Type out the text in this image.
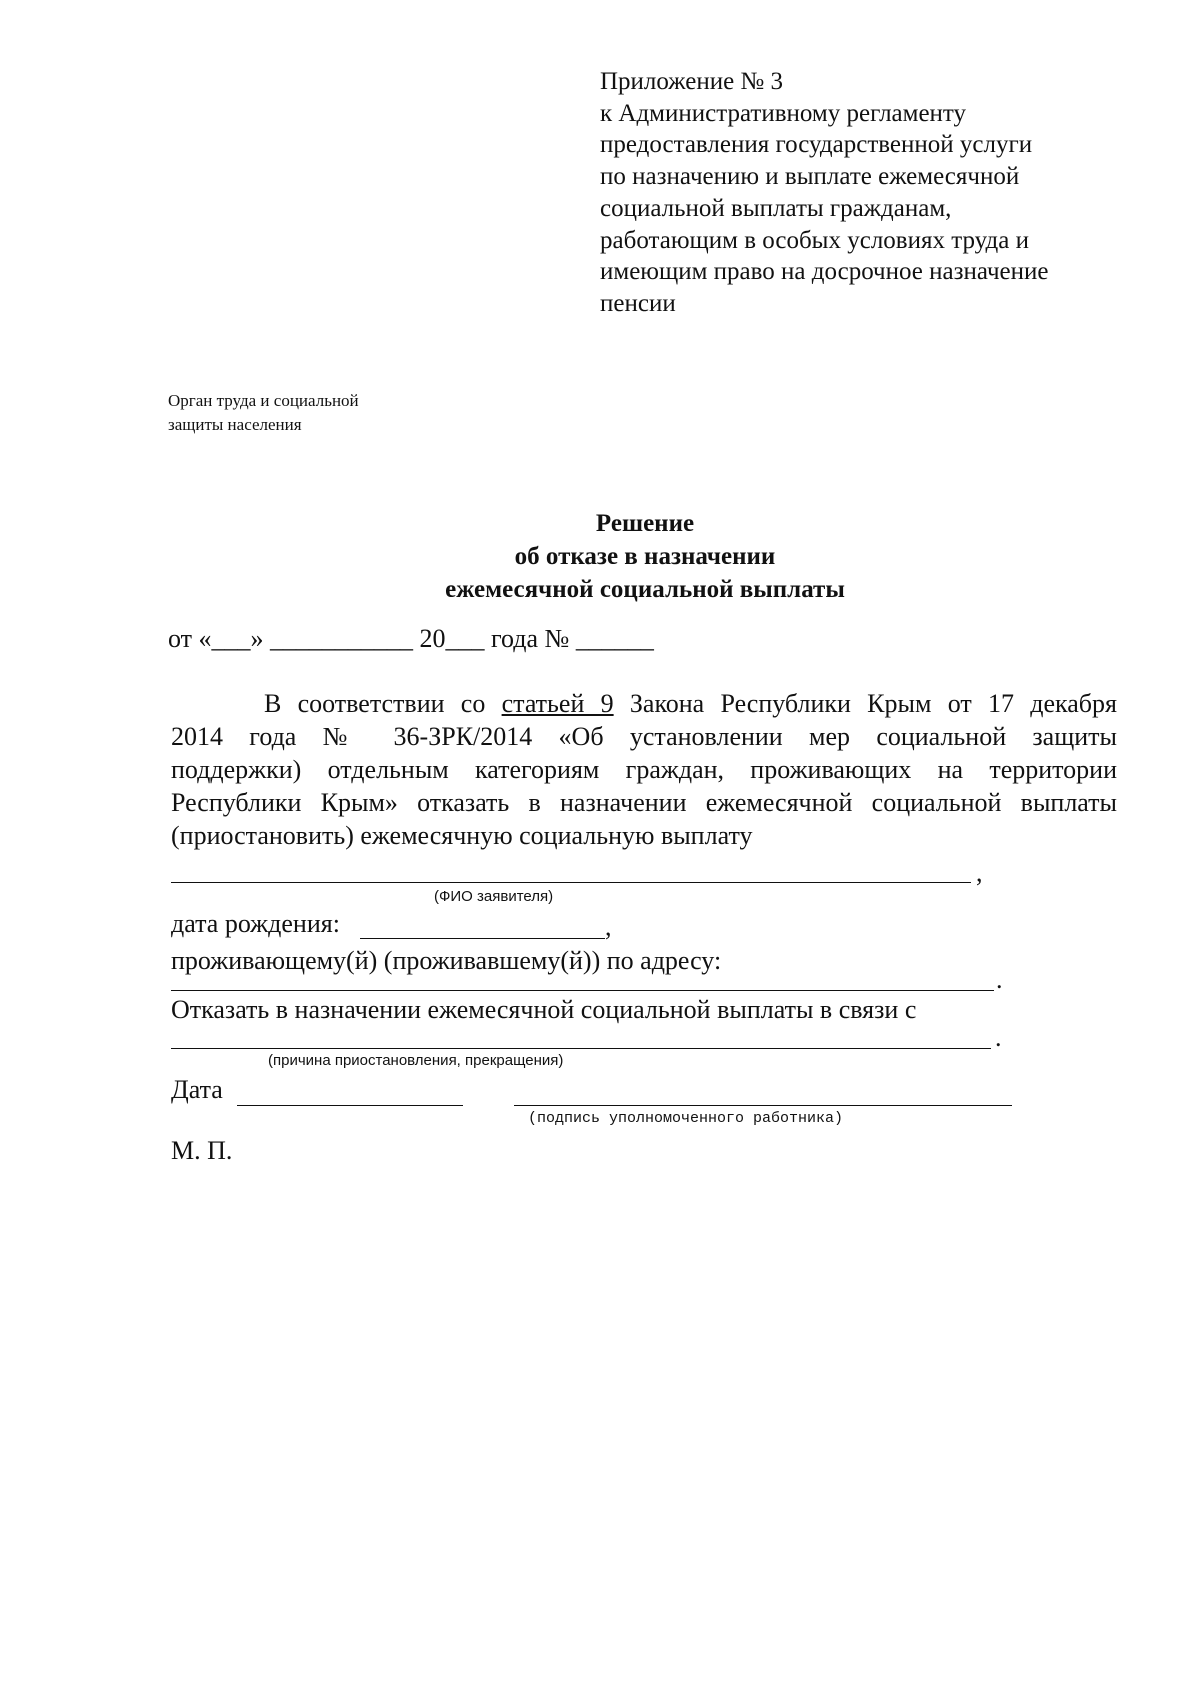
Приложение № 3
к Административному регламенту
предоставления государственной услуги
по назначению и выплате ежемесячной
социальной выплаты гражданам,
работающим в особых условиях труда и
имеющим право на досрочное назначение
пенсии
Орган труда и социальной
защиты населения
Решение
об отказе в назначении
ежемесячной социальной выплаты
от «___» ___________ 20___ года № ______
В соответствии со статьей 9 Закона Республики Крым от 17 декабря
2014 года № 36-ЗРК/2014 «Об установлении мер социальной защиты
поддержки) отдельным категориям граждан, проживающих на территории
Республики Крым» отказать в назначении ежемесячной социальной выплаты
(приостановить) ежемесячную социальную выплату
,
(ФИО заявителя)
дата рождения:	,
проживающему(й) (проживавшему(й)) по адресу:
.
Отказать в назначении ежемесячной социальной выплаты в связи с
.
(причина приостановления, прекращения)
Дата
(подпись уполномоченного работника)
М. П.
